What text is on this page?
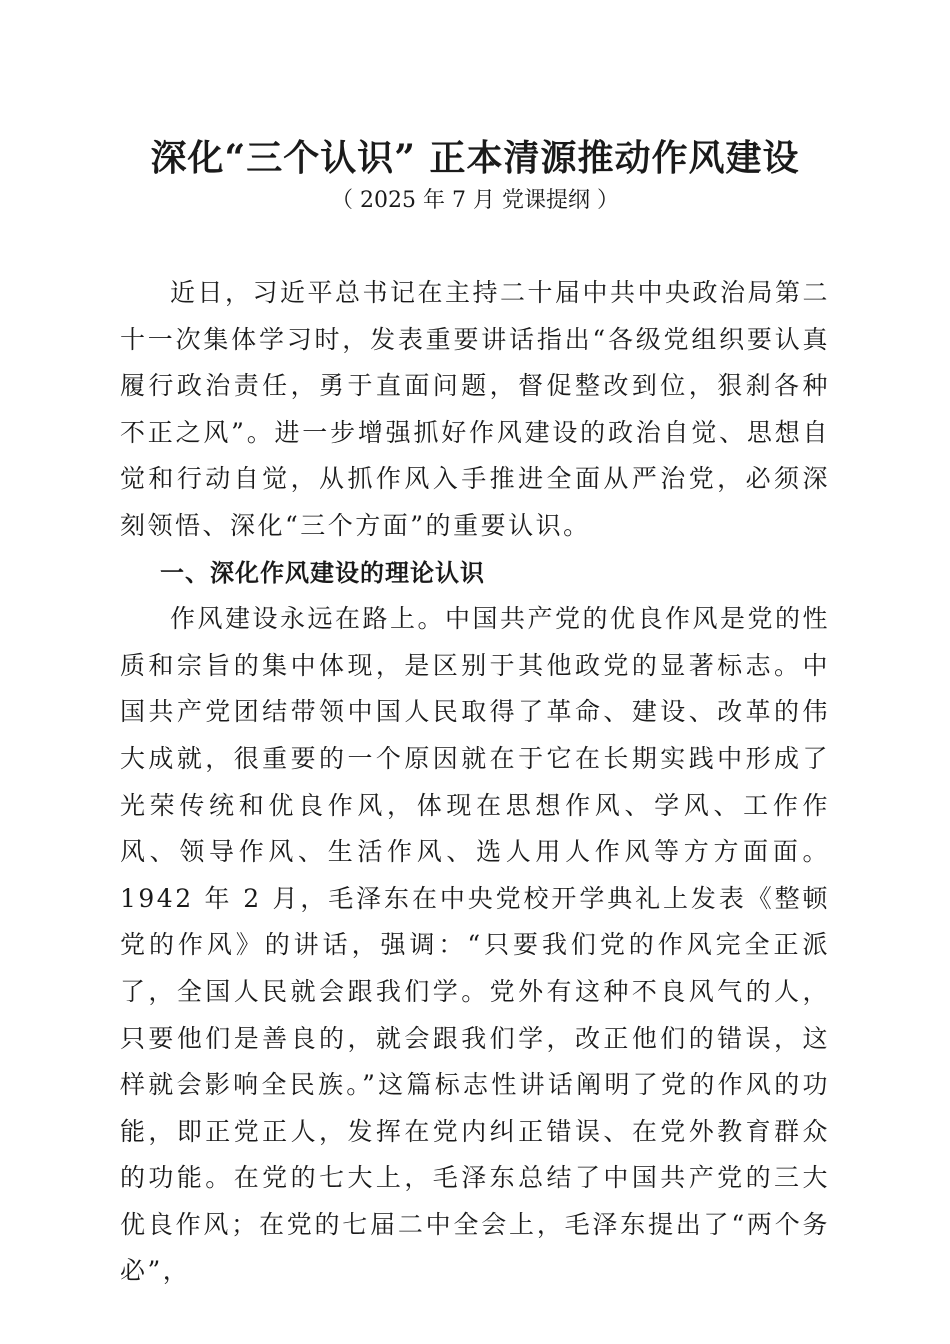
深化“三个认识” 正本清源推动作风建设
（ 2025 年 7 月 党课提纲 ）

近日，习近平总书记在主持二十届中共中央政治局第二十一次集体学习时，发表重要讲话指出“各级党组织要认真履行政治责任，勇于直面问题，督促整改到位，狠刹各种不正之风”。进一步增强抓好作风建设的政治自觉、思想自觉和行动自觉，从抓作风入手推进全面从严治党，必须深刻领悟、深化“三个方面”的重要认识。

一、深化作风建设的理论认识

作风建设永远在路上。中国共产党的优良作风是党的性质和宗旨的集中体现，是区别于其他政党的显著标志。中国共产党团结带领中国人民取得了革命、建设、改革的伟大成就，很重要的一个原因就在于它在长期实践中形成了光荣传统和优良作风，体现在思想作风、学风、工作作风、领导作风、生活作风、选人用人作风等方方面面。1942 年 2 月，毛泽东在中央党校开学典礼上发表《整顿党的作风》的讲话，强调：“只要我们党的作风完全正派了，全国人民就会跟我们学。党外有这种不良风气的人，只要他们是善良的，就会跟我们学，改正他们的错误，这样就会影响全民族。”这篇标志性讲话阐明了党的作风的功能，即正党正人，发挥在党内纠正错误、在党外教育群众的功能。在党的七大上，毛泽东总结了中国共产党的三大优良作风；在党的七届二中全会上，毛泽东提出了“两个务必”，
